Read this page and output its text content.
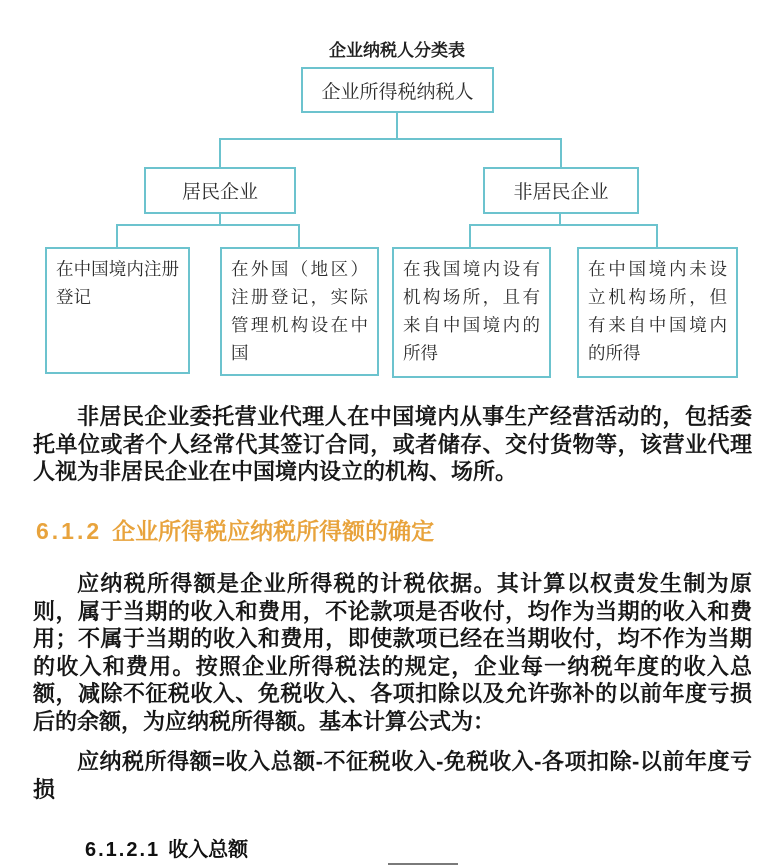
企业纳税人分类表
企业所得税纳税人
居民企业	非居民企业
在中国境内注册登记
在外国（地区）注册登记，实际管理机构设在中国
在我国境内设有机构场所，且有来自中国境内的所得
在中国境内未设立机构场所，但有来自中国境内的所得

非居民企业委托营业代理人在中国境内从事生产经营活动的，包括委托单位或者个人经常代其签订合同，或者储存、交付货物等，该营业代理人视为非居民企业在中国境内设立的机构、场所。

6.1.2 企业所得税应纳税所得额的确定

应纳税所得额是企业所得税的计税依据。其计算以权责发生制为原则，属于当期的收入和费用，不论款项是否收付，均作为当期的收入和费用；不属于当期的收入和费用，即使款项已经在当期收付，均不作为当期的收入和费用。按照企业所得税法的规定，企业每一纳税年度的收入总额，减除不征税收入、免税收入、各项扣除以及允许弥补的以前年度亏损后的余额，为应纳税所得额。基本计算公式为：

应纳税所得额=收入总额-不征税收入-免税收入-各项扣除-以前年度亏损

6.1.2.1 收入总额
